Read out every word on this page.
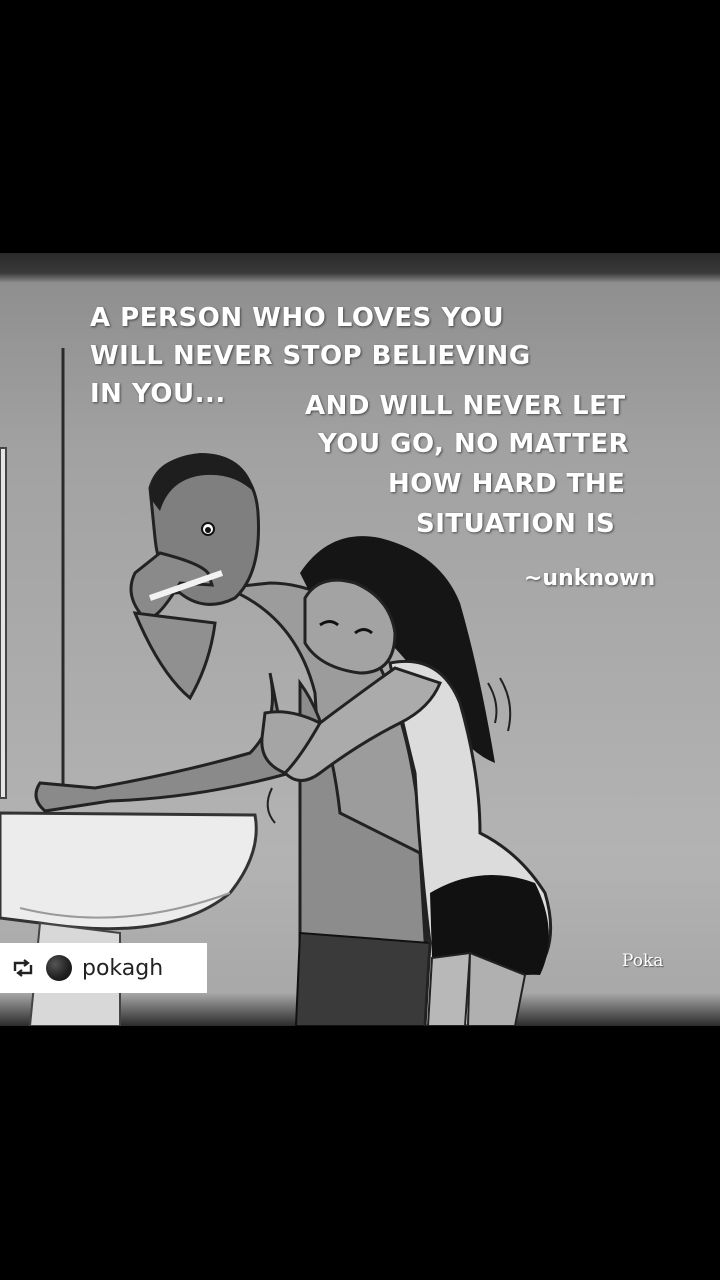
A PERSON WHO LOVES YOU

WILL NEVER STOP BELIEVING

IN YOU...	AND WILL NEVER LET

YOU GO, NO MATTER

HOW HARD THE

SITUATION IS

~unknown

Poka

pokagh
